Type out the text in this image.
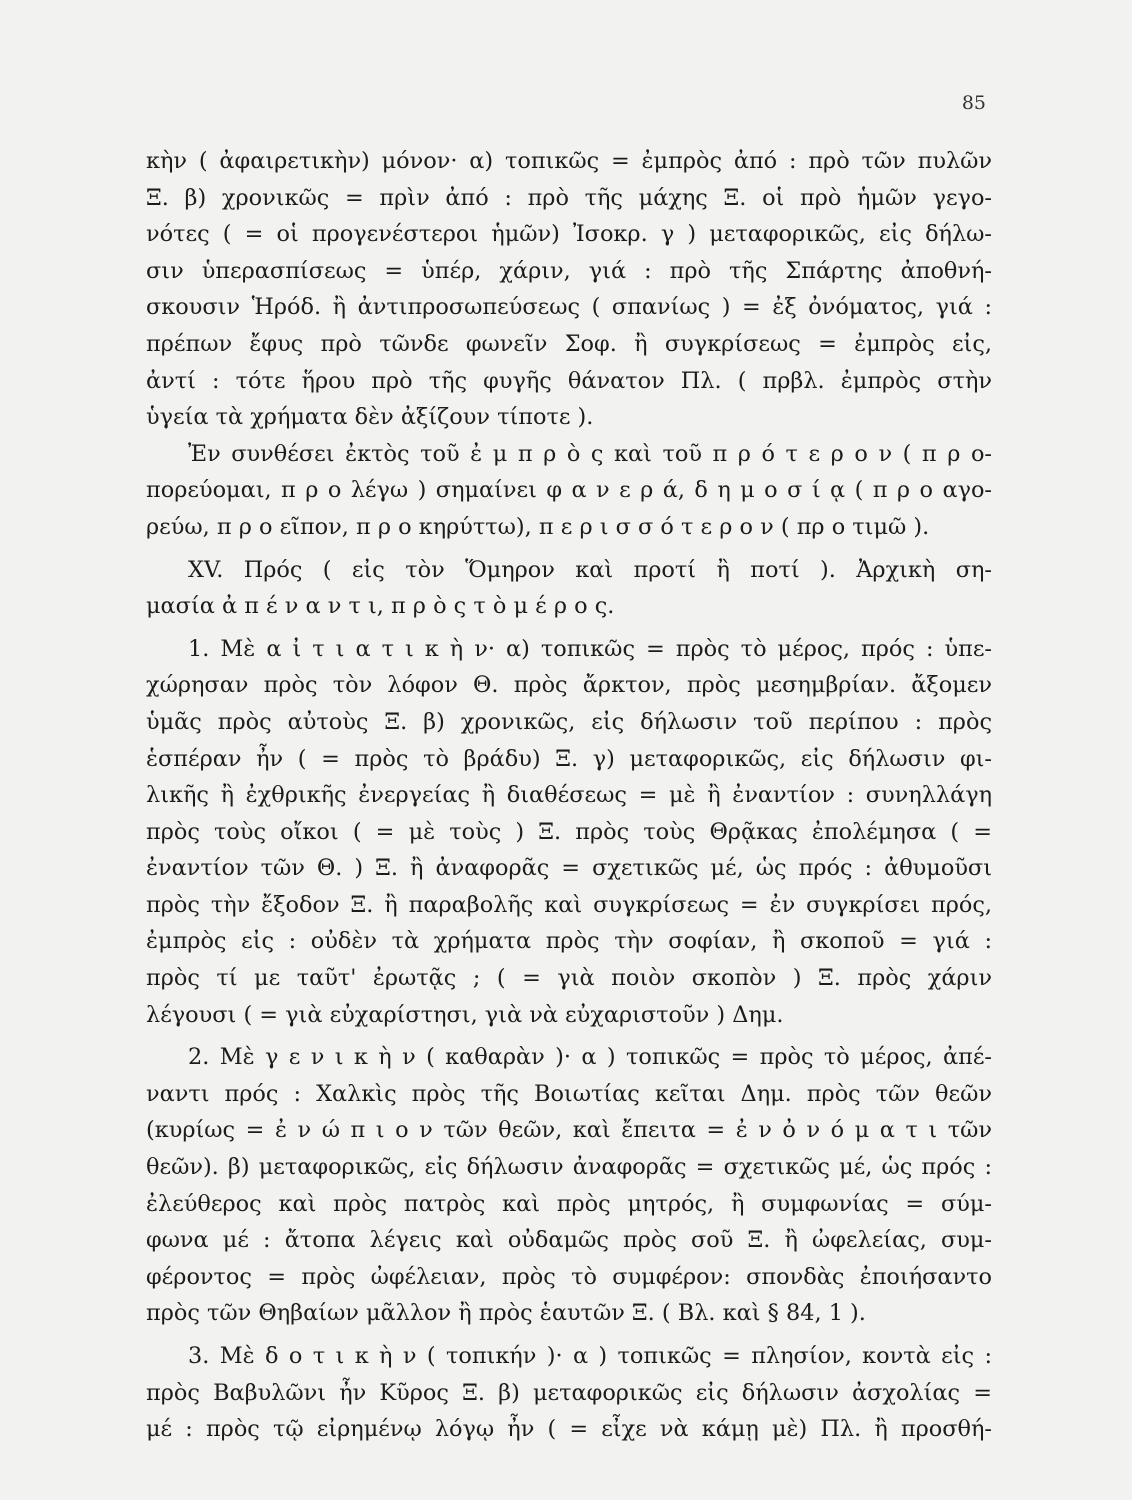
85
κὴν ( ἀφαιρετικὴν) μόνον· α) τοπικῶς = ἐμπρὸς ἀπό : πρὸ τῶν πυλῶν
Ξ. β) χρονικῶς = πρὶν ἀπό : πρὸ τῆς μάχης Ξ. οἱ πρὸ ἡμῶν γεγο-
νότες ( = οἱ προγενέστεροι ἡμῶν) Ἰσοκρ. γ ) μεταφορικῶς, εἰς δήλω-
σιν ὑπερασπίσεως = ὑπέρ, χάριν, γιά : πρὸ τῆς Σπάρτης ἀποθνή-
σκουσιν Ἡρόδ. ἢ ἀντιπροσωπεύσεως ( σπανίως ) = ἐξ ὀνόματος, γιά :
πρέπων ἔφυς πρὸ τῶνδε φωνεῖν Σοφ. ἢ συγκρίσεως = ἐμπρὸς εἰς,
ἀντί : τότε ἥρου πρὸ τῆς φυγῆς θάνατον Πλ. ( πρβλ. ἐμπρὸς στὴν
ὑγεία τὰ χρήματα δὲν ἀξίζουν τίποτε ).
Ἐν συνθέσει ἐκτὸς τοῦ ἐ μ π ρ ὸ ς καὶ τοῦ π ρ ό τ ε ρ ο ν ( π ρ ο-
πορεύομαι, π ρ ο λέγω ) σημαίνει φ α ν ε ρ ά, δ η μ ο σ ί ᾳ ( π ρ ο αγο-
ρεύω, π ρ ο εῖπον, π ρ ο κηρύττω), π ε ρ ι σ σ ό τ ε ρ ο ν ( πρ ο τιμῶ ).
XV. Πρός ( εἰς τὸν Ὅμηρον καὶ προτί ἢ ποτί ). Ἀρχικὴ ση-
μασία ἀ π έ ν α ν τ ι, π ρ ὸ ς τ ὸ μ έ ρ ο ς.
1. Μὲ α ἰ τ ι α τ ι κ ὴ ν· α) τοπικῶς = πρὸς τὸ μέρος, πρός : ὑπε-
χώρησαν πρὸς τὸν λόφον Θ. πρὸς ἄρκτον, πρὸς μεσημβρίαν. ἄξομεν
ὑμᾶς πρὸς αὐτοὺς Ξ. β) χρονικῶς, εἰς δήλωσιν τοῦ περίπου : πρὸς
ἑσπέραν ἦν ( = πρὸς τὸ βράδυ) Ξ. γ) μεταφορικῶς, εἰς δήλωσιν φι-
λικῆς ἢ ἐχθρικῆς ἐνεργείας ἢ διαθέσεως = μὲ ἢ ἐναντίον : συνηλλάγη
πρὸς τοὺς οἴκοι ( = μὲ τοὺς ) Ξ. πρὸς τοὺς Θρᾷκας ἐπολέμησα ( =
ἐναντίον τῶν Θ. ) Ξ. ἢ ἀναφορᾶς = σχετικῶς μέ, ὡς πρός : ἀθυμοῦσι
πρὸς τὴν ἔξοδον Ξ. ἢ παραβολῆς καὶ συγκρίσεως = ἐν συγκρίσει πρός,
ἐμπρὸς εἰς : οὐδὲν τὰ χρήματα πρὸς τὴν σοφίαν, ἢ σκοποῦ = γιά :
πρὸς τί με ταῦτ' ἐρωτᾷς ; ( = γιὰ ποιὸν σκοπὸν ) Ξ. πρὸς χάριν
λέγουσι ( = γιὰ εὐχαρίστησι, γιὰ νὰ εὐχαριστοῦν ) Δημ.
2. Μὲ γ ε ν ι κ ὴ ν ( καθαρὰν )· α ) τοπικῶς = πρὸς τὸ μέρος, ἀπέ-
ναντι πρός : Χαλκὶς πρὸς τῆς Βοιωτίας κεῖται Δημ. πρὸς τῶν θεῶν
(κυρίως = ἐ ν ώ π ι ο ν τῶν θεῶν, καὶ ἔπειτα = ἐ ν ὀ ν ό μ α τ ι τῶν
θεῶν). β) μεταφορικῶς, εἰς δήλωσιν ἀναφορᾶς = σχετικῶς μέ, ὡς πρός :
ἐλεύθερος καὶ πρὸς πατρὸς καὶ πρὸς μητρός, ἢ συμφωνίας = σύμ-
φωνα μέ : ἄτοπα λέγεις καὶ οὐδαμῶς πρὸς σοῦ Ξ. ἢ ὠφελείας, συμ-
φέροντος = πρὸς ὠφέλειαν, πρὸς τὸ συμφέρον: σπονδὰς ἐποιήσαντο
πρὸς τῶν Θηβαίων μᾶλλον ἢ πρὸς ἑαυτῶν Ξ. ( Βλ. καὶ § 84, 1 ).
3. Μὲ δ ο τ ι κ ὴ ν ( τοπικήν )· α ) τοπικῶς = πλησίον, κοντὰ εἰς :
πρὸς Βαβυλῶνι ἦν Κῦρος Ξ. β) μεταφορικῶς εἰς δήλωσιν ἀσχολίας =
μέ : πρὸς τῷ εἰρημένῳ λόγῳ ἦν ( = εἶχε νὰ κάμῃ μὲ) Πλ. ἢ προσθή-
